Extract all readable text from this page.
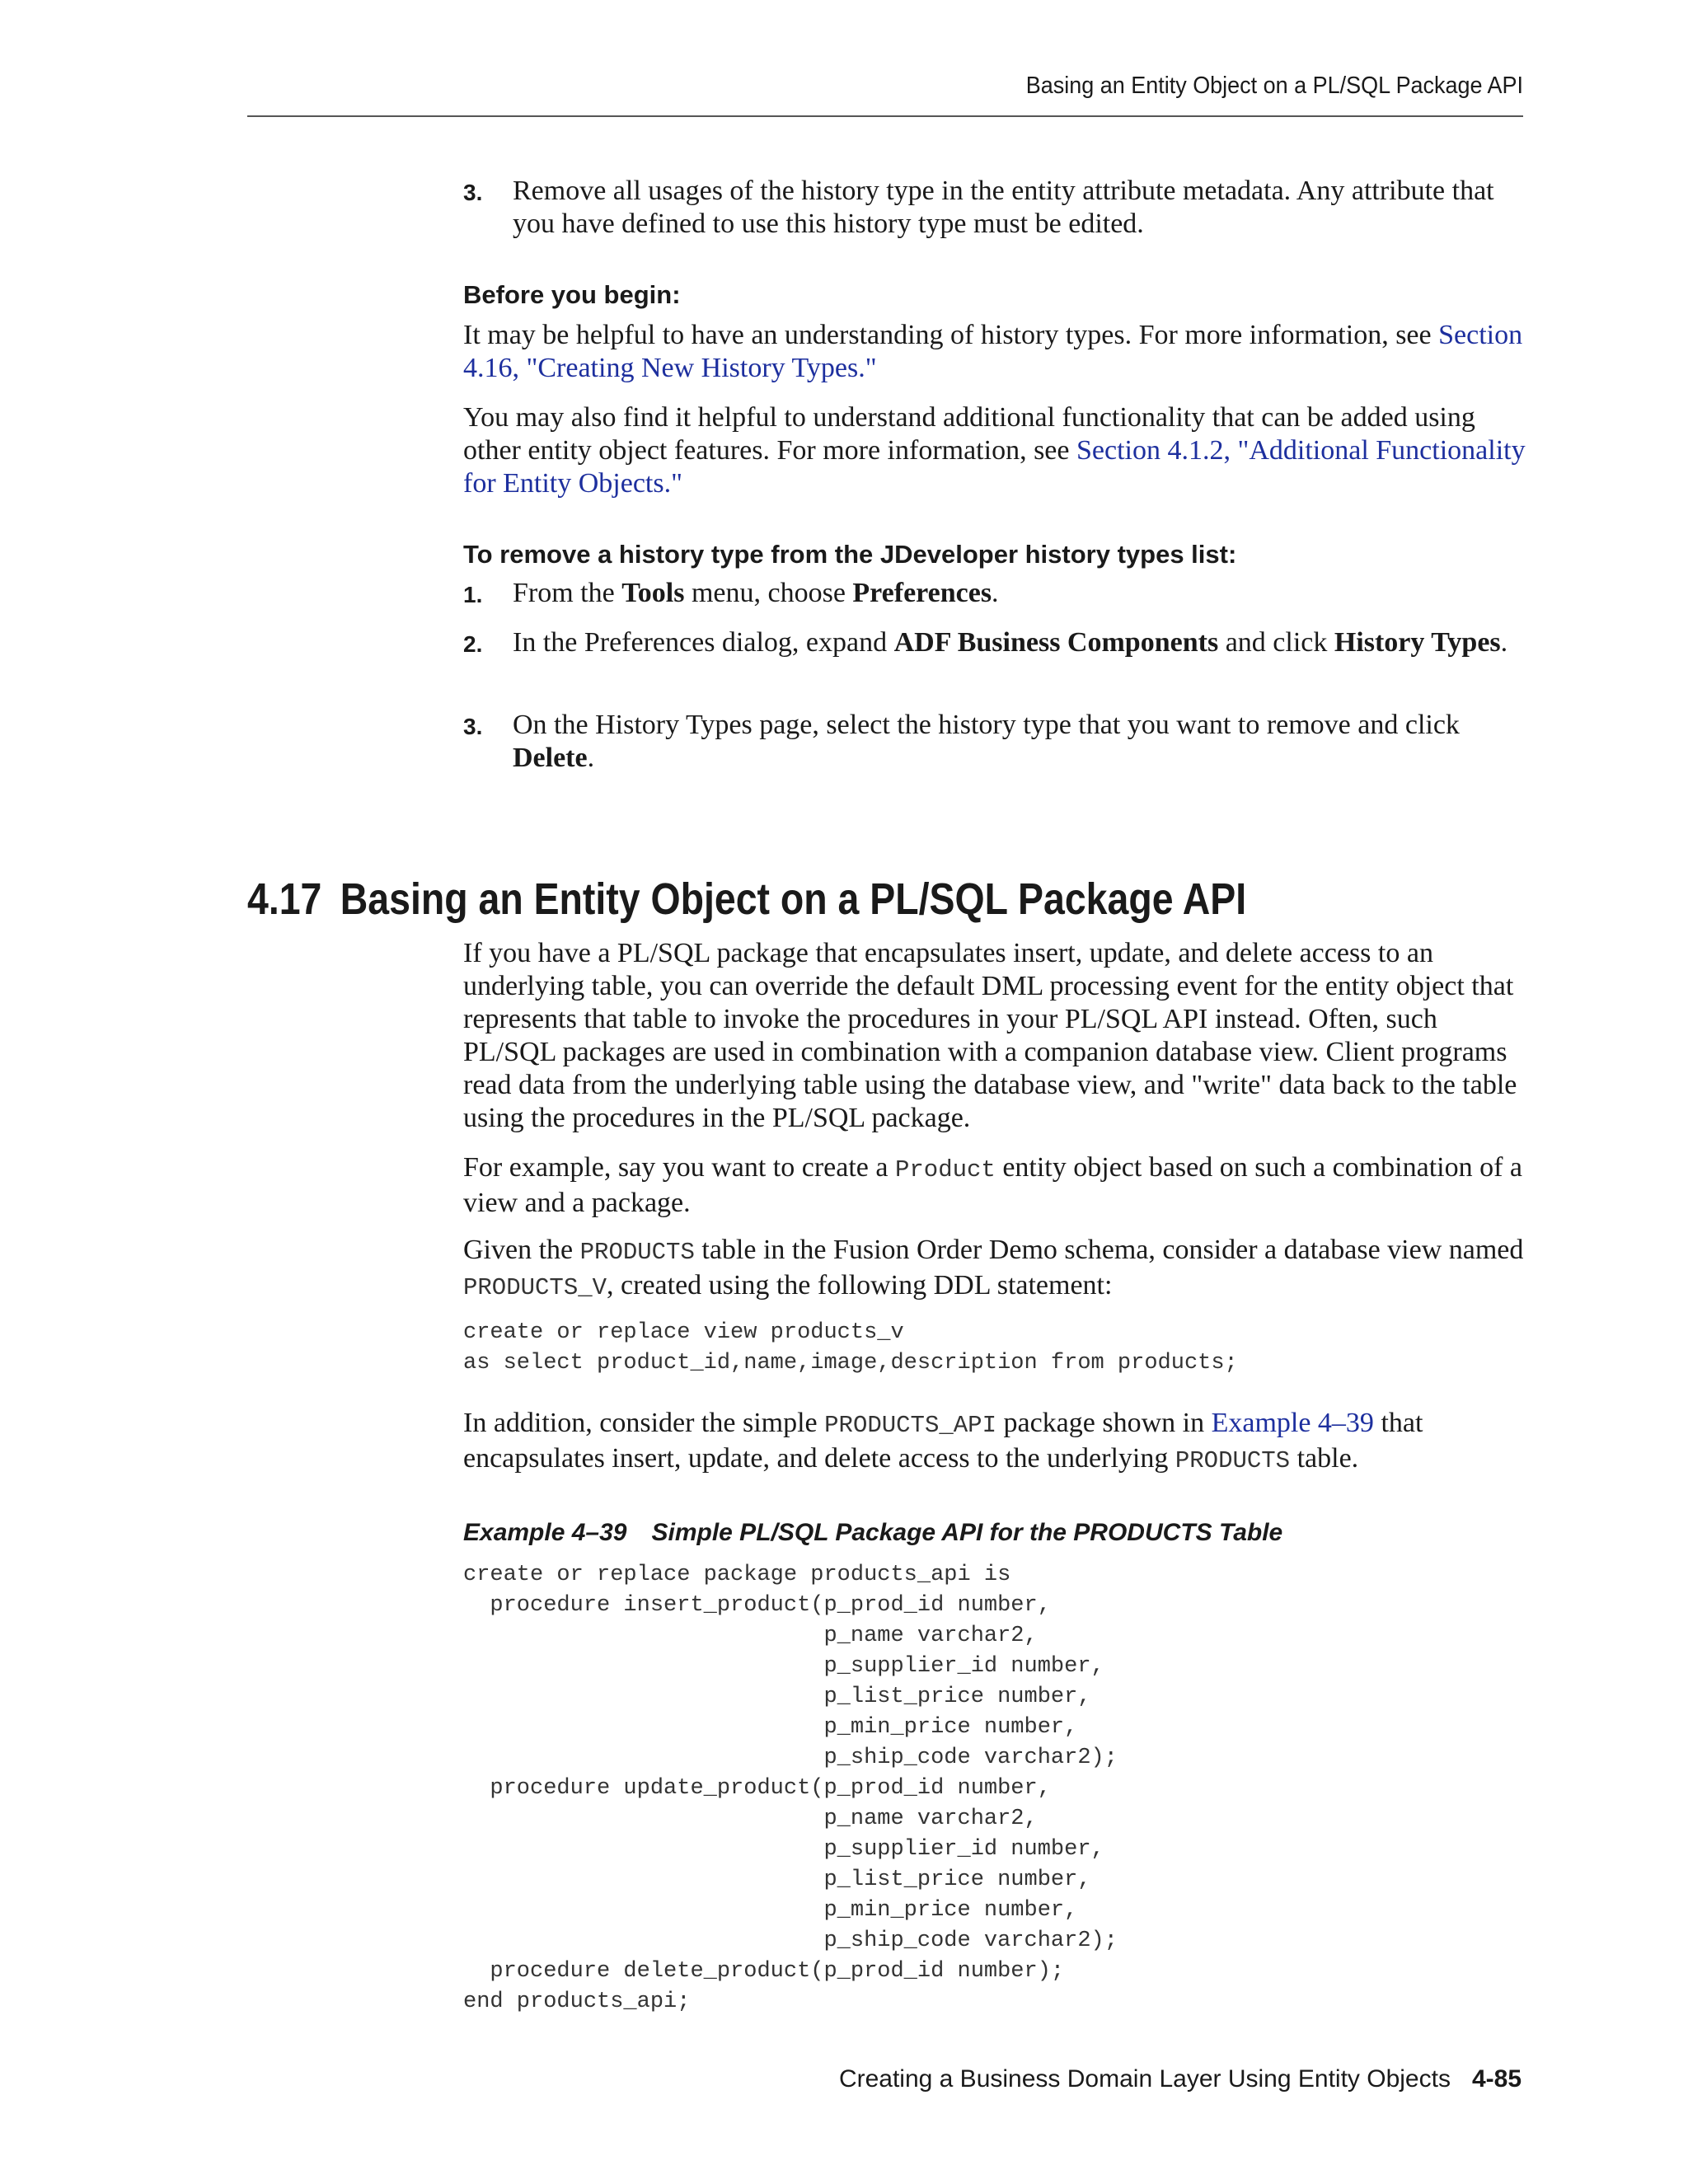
Basing an Entity Object on a PL/SQL Package API
3. Remove all usages of the history type in the entity attribute metadata. Any attribute that you have defined to use this history type must be edited.
Before you begin:
It may be helpful to have an understanding of history types. For more information, see Section 4.16, "Creating New History Types."
You may also find it helpful to understand additional functionality that can be added using other entity object features. For more information, see Section 4.1.2, "Additional Functionality for Entity Objects."
To remove a history type from the JDeveloper history types list:
1. From the Tools menu, choose Preferences.
2. In the Preferences dialog, expand ADF Business Components and click History Types.
3. On the History Types page, select the history type that you want to remove and click Delete.
4.17 Basing an Entity Object on a PL/SQL Package API
If you have a PL/SQL package that encapsulates insert, update, and delete access to an underlying table, you can override the default DML processing event for the entity object that represents that table to invoke the procedures in your PL/SQL API instead. Often, such PL/SQL packages are used in combination with a companion database view. Client programs read data from the underlying table using the database view, and "write" data back to the table using the procedures in the PL/SQL package.
For example, say you want to create a Product entity object based on such a combination of a view and a package.
Given the PRODUCTS table in the Fusion Order Demo schema, consider a database view named PRODUCTS_V, created using the following DDL statement:
create or replace view products_v
as select product_id,name,image,description from products;
In addition, consider the simple PRODUCTS_API package shown in Example 4–39 that encapsulates insert, update, and delete access to the underlying PRODUCTS table.
Example 4–39 Simple PL/SQL Package API for the PRODUCTS Table
create or replace package products_api is
procedure insert_product(p_prod_id number,
p_name varchar2,
p_supplier_id number,
p_list_price number,
p_min_price number,
p_ship_code varchar2);
procedure update_product(p_prod_id number,
p_name varchar2,
p_supplier_id number,
p_list_price number,
p_min_price number,
p_ship_code varchar2);
procedure delete_product(p_prod_id number);
end products_api;
Creating a Business Domain Layer Using Entity Objects 4-85
